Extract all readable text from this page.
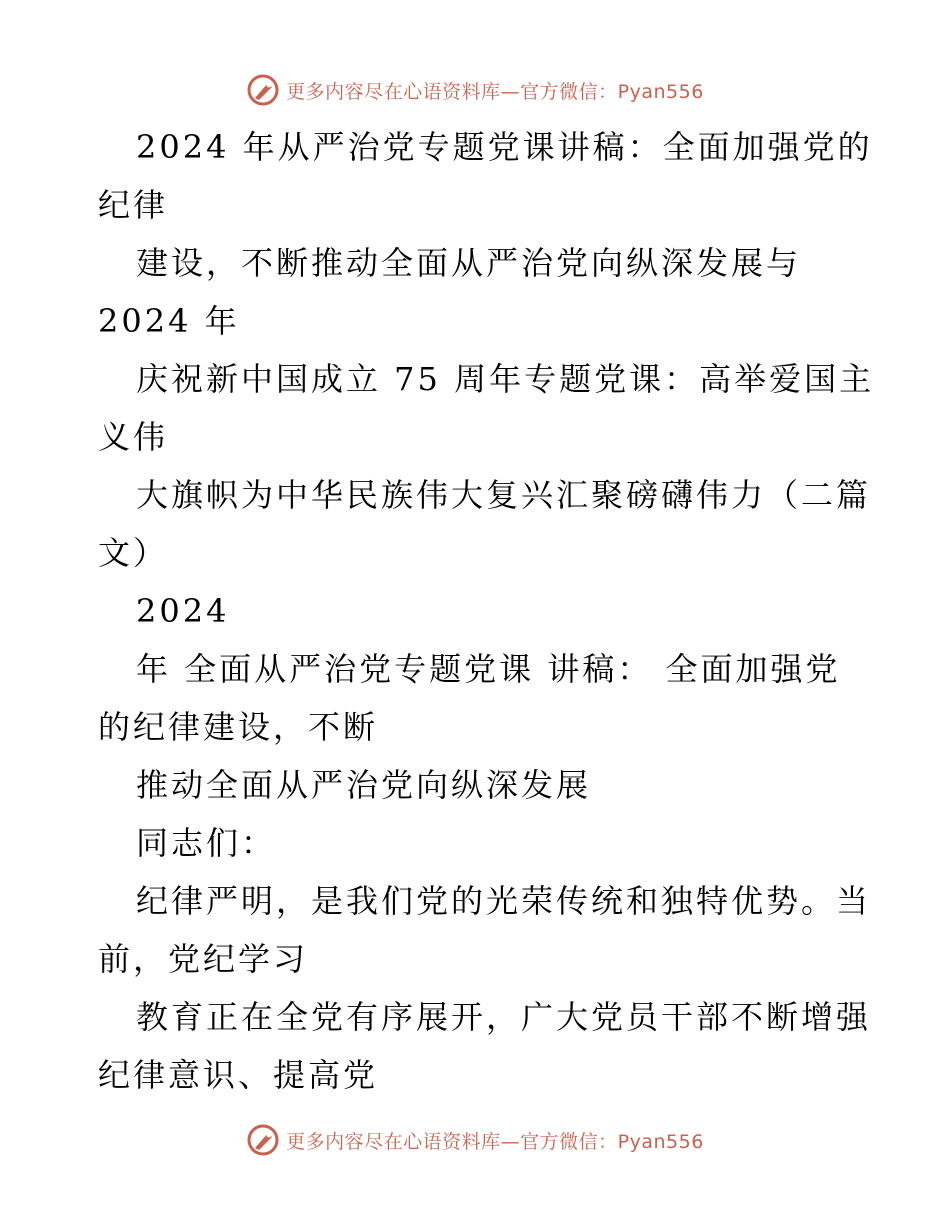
更多内容尽在心语资料库—官方微信：Pyan556
2024 年从严治党专题党课讲稿：全面加强党的
纪律
建设，不断推动全面从严治党向纵深发展与
2024 年
庆祝新中国成立 75 周年专题党课：高举爱国主
义伟
大旗帜为中华民族伟大复兴汇聚磅礴伟力（二篇
文）
2024
年 全面从严治党专题党课 讲稿： 全面加强党
的纪律建设，不断
推动全面从严治党向纵深发展
同志们：
纪律严明，是我们党的光荣传统和独特优势。当
前，党纪学习
教育正在全党有序展开，广大党员干部不断增强
纪律意识、提高党
更多内容尽在心语资料库—官方微信：Pyan556
